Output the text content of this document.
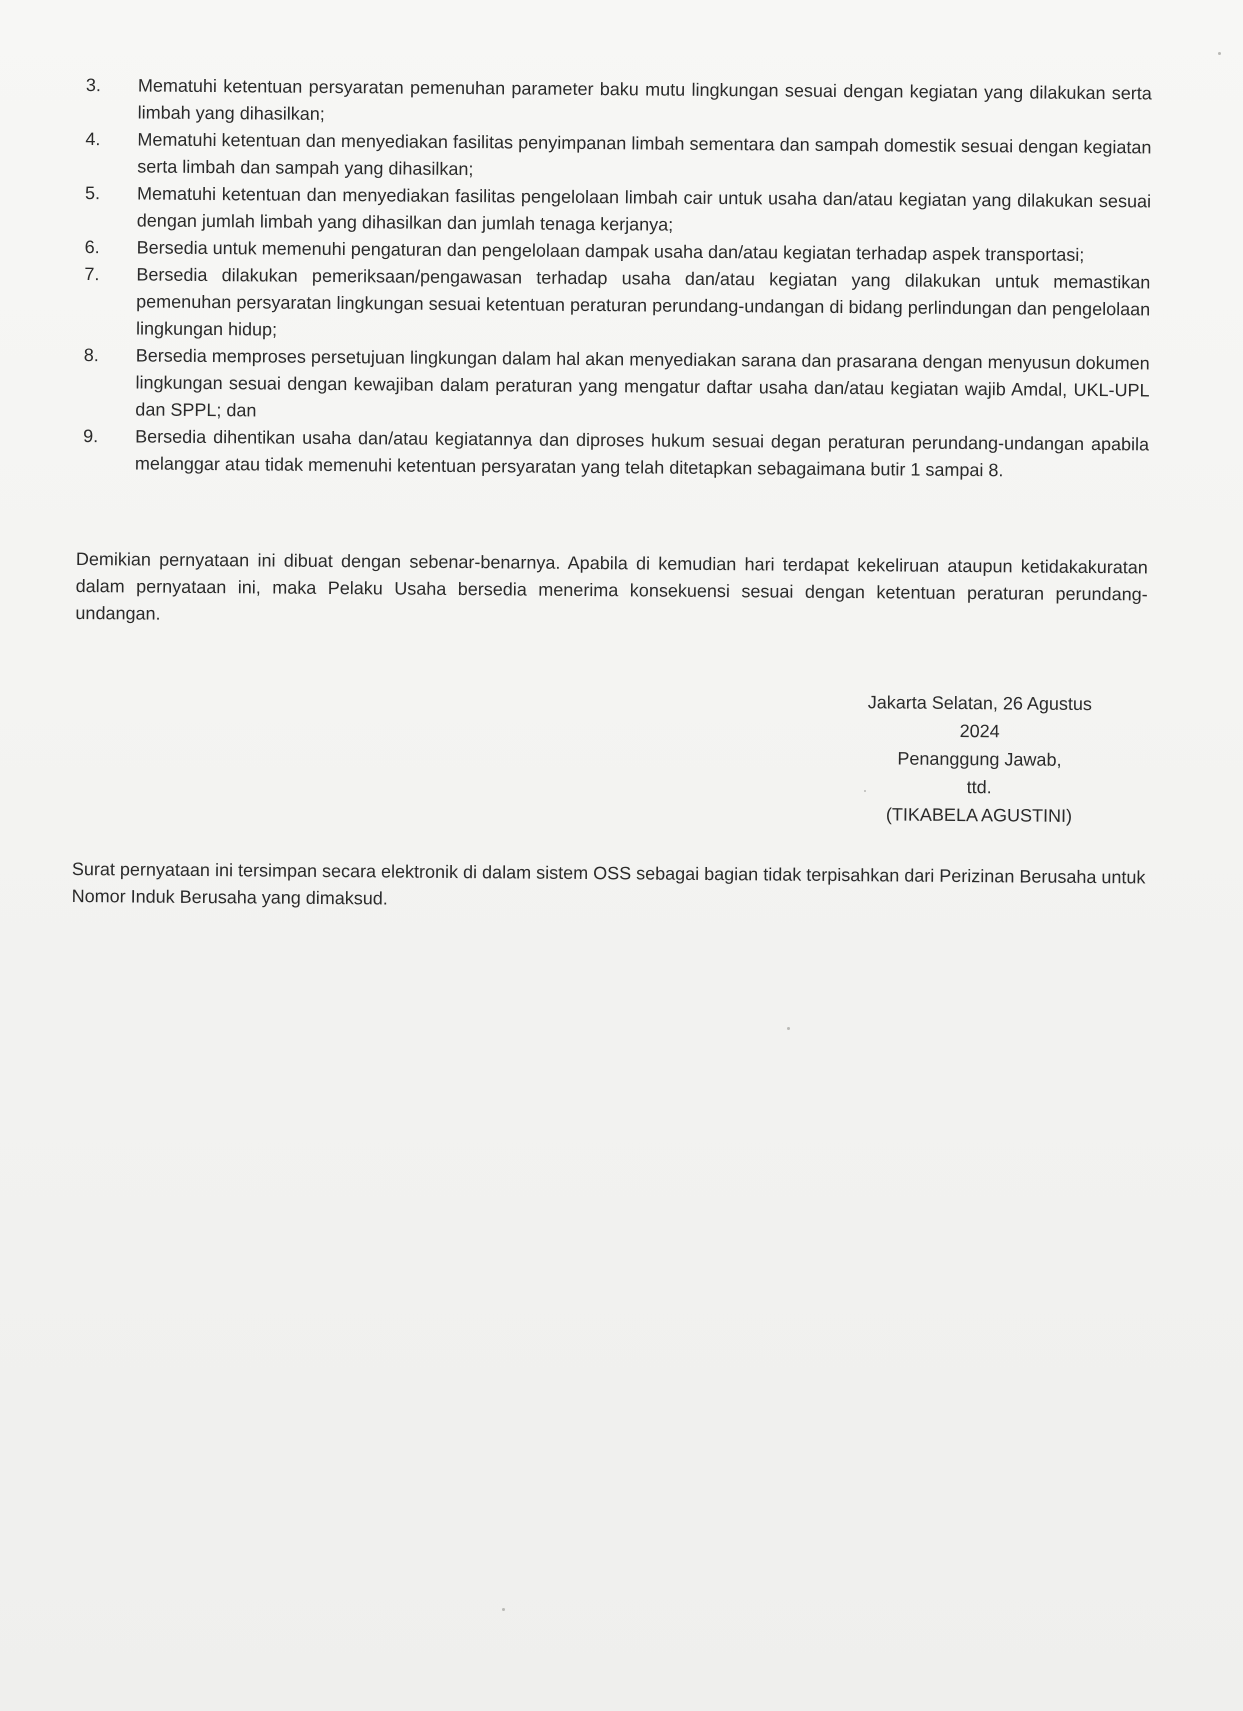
3. Mematuhi ketentuan persyaratan pemenuhan parameter baku mutu lingkungan sesuai dengan kegiatan yang dilakukan serta limbah yang dihasilkan;
4. Mematuhi ketentuan dan menyediakan fasilitas penyimpanan limbah sementara dan sampah domestik sesuai dengan kegiatan serta limbah dan sampah yang dihasilkan;
5. Mematuhi ketentuan dan menyediakan fasilitas pengelolaan limbah cair untuk usaha dan/atau kegiatan yang dilakukan sesuai dengan jumlah limbah yang dihasilkan dan jumlah tenaga kerjanya;
6. Bersedia untuk memenuhi pengaturan dan pengelolaan dampak usaha dan/atau kegiatan terhadap aspek transportasi;
7. Bersedia dilakukan pemeriksaan/pengawasan terhadap usaha dan/atau kegiatan yang dilakukan untuk memastikan pemenuhan persyaratan lingkungan sesuai ketentuan peraturan perundang-undangan di bidang perlindungan dan pengelolaan lingkungan hidup;
8. Bersedia memproses persetujuan lingkungan dalam hal akan menyediakan sarana dan prasarana dengan menyusun dokumen lingkungan sesuai dengan kewajiban dalam peraturan yang mengatur daftar usaha dan/atau kegiatan wajib Amdal, UKL-UPL dan SPPL; dan
9. Bersedia dihentikan usaha dan/atau kegiatannya dan diproses hukum sesuai degan peraturan perundang-undangan apabila melanggar atau tidak memenuhi ketentuan persyaratan yang telah ditetapkan sebagaimana butir 1 sampai 8.

Demikian pernyataan ini dibuat dengan sebenar-benarnya. Apabila di kemudian hari terdapat kekeliruan ataupun ketidakakuratan dalam pernyataan ini, maka Pelaku Usaha bersedia menerima konsekuensi sesuai dengan ketentuan peraturan perundang-undangan.

Jakarta Selatan, 26 Agustus
2024
Penanggung Jawab,
ttd.
(TIKABELA AGUSTINI)

Surat pernyataan ini tersimpan secara elektronik di dalam sistem OSS sebagai bagian tidak terpisahkan dari Perizinan Berusaha untuk Nomor Induk Berusaha yang dimaksud.
